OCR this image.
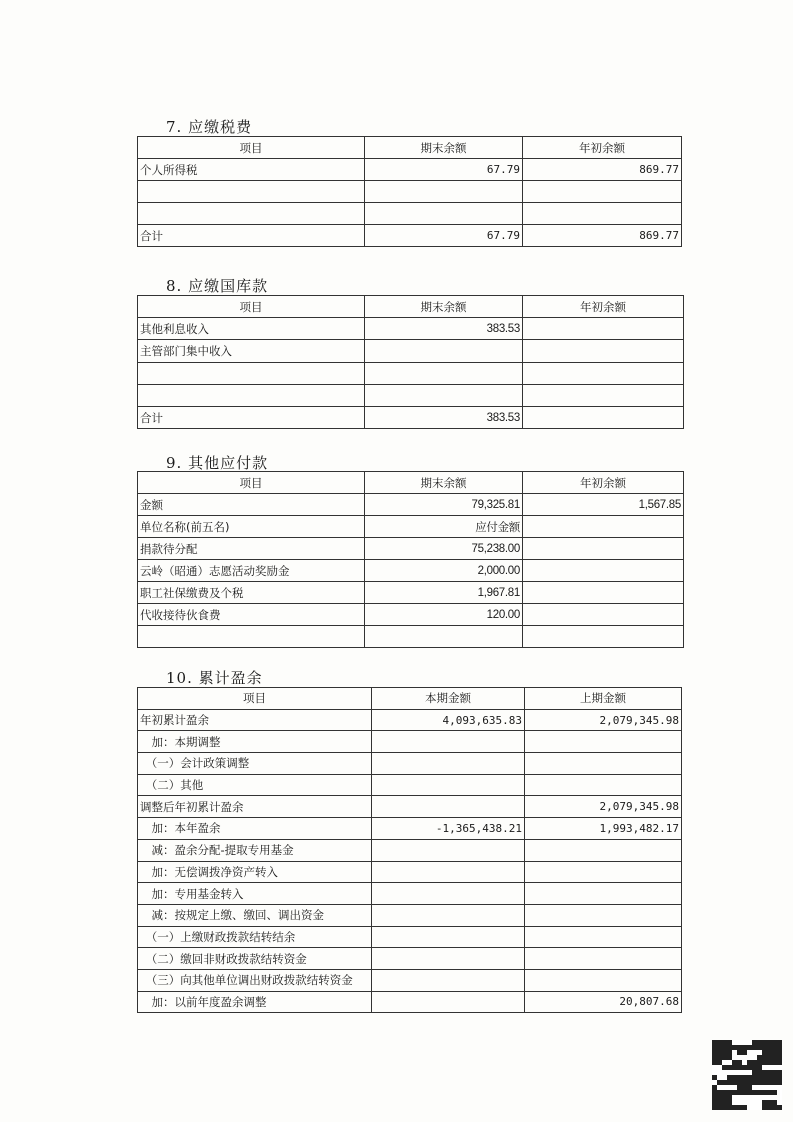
7. 应缴税费
项目	期末余额	年初余额
个人所得税	67.79	869.77

合计	67.79	869.77
8. 应缴国库款
项目	期末余额	年初余额
其他利息收入	383.53	
主管部门集中收入		

合计	383.53	
9. 其他应付款
项目	期末余额	年初余额
金额	79,325.81	1,567.85
单位名称(前五名)	应付金额	
捐款待分配	75,238.00	
云岭（昭通）志愿活动奖励金	2,000.00	
职工社保缴费及个税	1,967.81	
代收接待伙食费	120.00	

10. 累计盈余
项目	本期金额	上期金额
年初累计盈余	4,093,635.83	2,079,345.98
　加：本期调整		
　（一）会计政策调整		
　（二）其他		
调整后年初累计盈余		2,079,345.98
　加：本年盈余	-1,365,438.21	1,993,482.17
　减：盈余分配-提取专用基金		
　加：无偿调拨净资产转入		
　加：专用基金转入		
　减：按规定上缴、缴回、调出资金		
　（一）上缴财政拨款结转结余		
　（二）缴回非财政拨款结转资金		
　（三）向其他单位调出财政拨款结转资金		
　加：以前年度盈余调整		20,807.68
